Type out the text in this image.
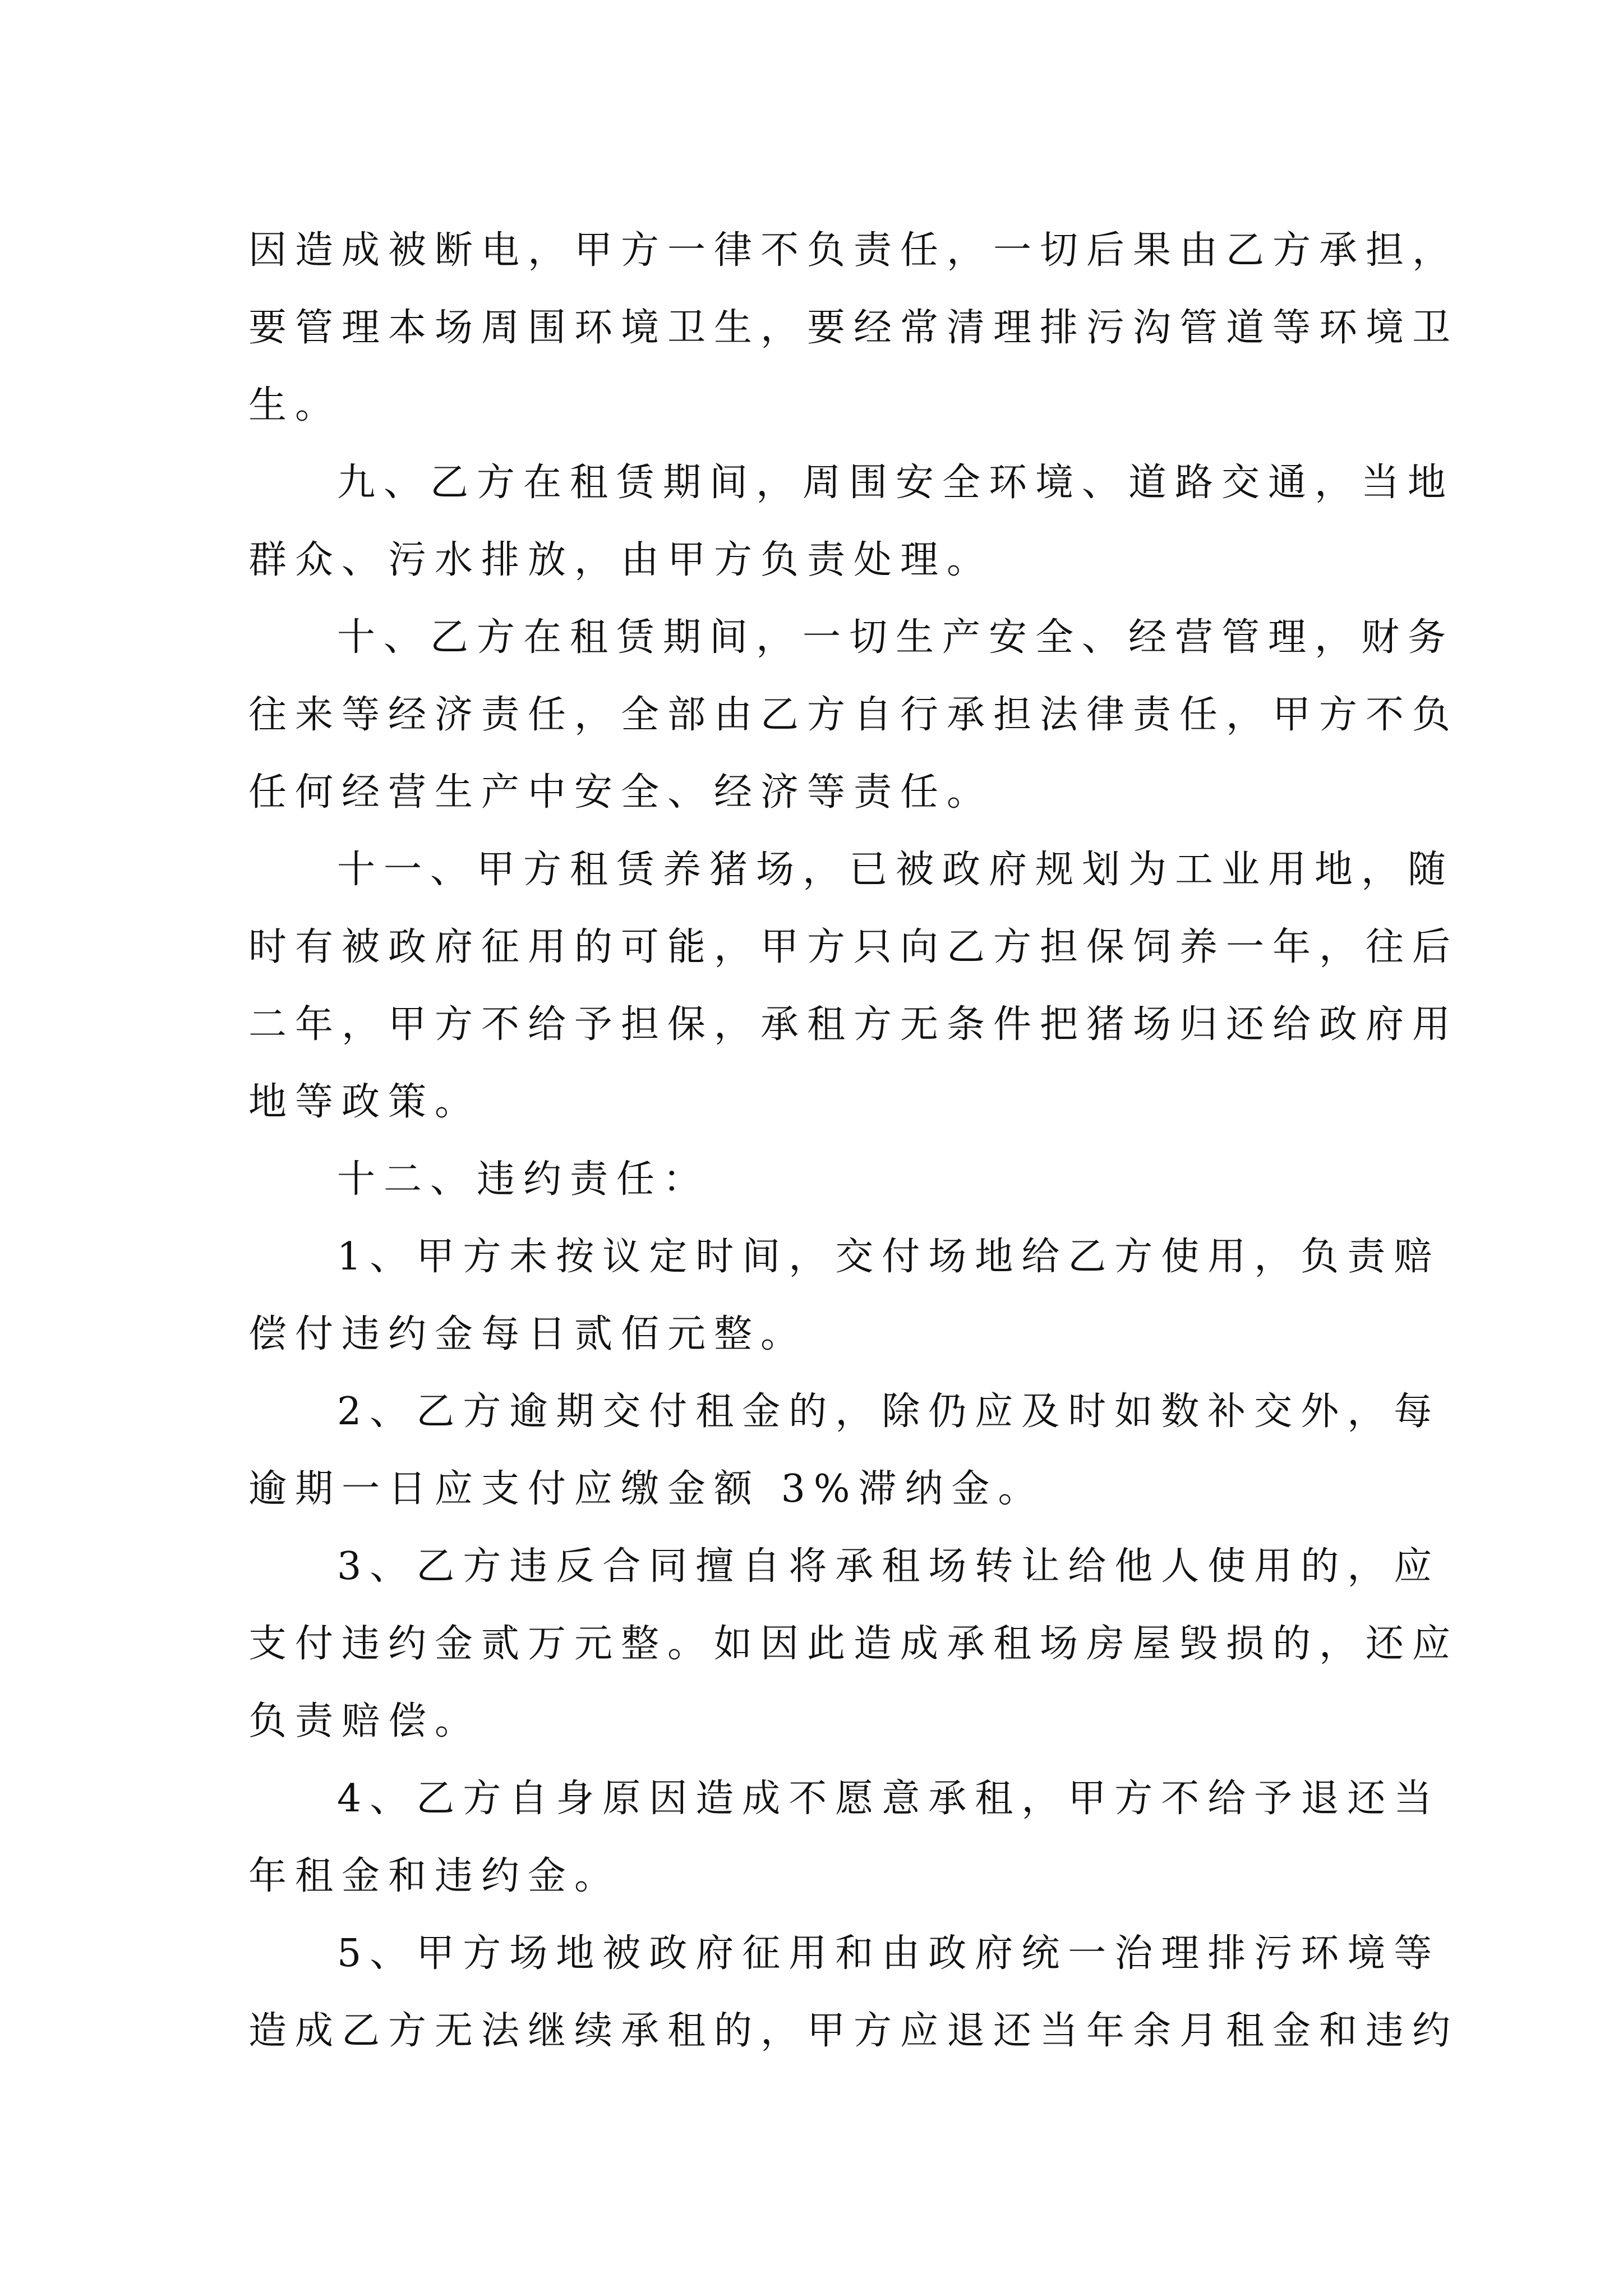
因造成被断电，甲方一律不负责任，一切后果由乙方承担，
要管理本场周围环境卫生，要经常清理排污沟管道等环境卫
生。
九、乙方在租赁期间，周围安全环境、道路交通，当地
群众、污水排放，由甲方负责处理。
十、乙方在租赁期间，一切生产安全、经营管理，财务
往来等经济责任，全部由乙方自行承担法律责任，甲方不负
任何经营生产中安全、经济等责任。
十一、甲方租赁养猪场，已被政府规划为工业用地，随
时有被政府征用的可能，甲方只向乙方担保饲养一年，往后
二年，甲方不给予担保，承租方无条件把猪场归还给政府用
地等政策。
十二、违约责任：
1、甲方未按议定时间，交付场地给乙方使用，负责赔
偿付违约金每日贰佰元整。
2、乙方逾期交付租金的，除仍应及时如数补交外，每
逾期一日应支付应缴金额 3%滞纳金。
3、乙方违反合同擅自将承租场转让给他人使用的，应
支付违约金贰万元整。如因此造成承租场房屋毁损的，还应
负责赔偿。
4、乙方自身原因造成不愿意承租，甲方不给予退还当
年租金和违约金。
5、甲方场地被政府征用和由政府统一治理排污环境等
造成乙方无法继续承租的，甲方应退还当年余月租金和违约
